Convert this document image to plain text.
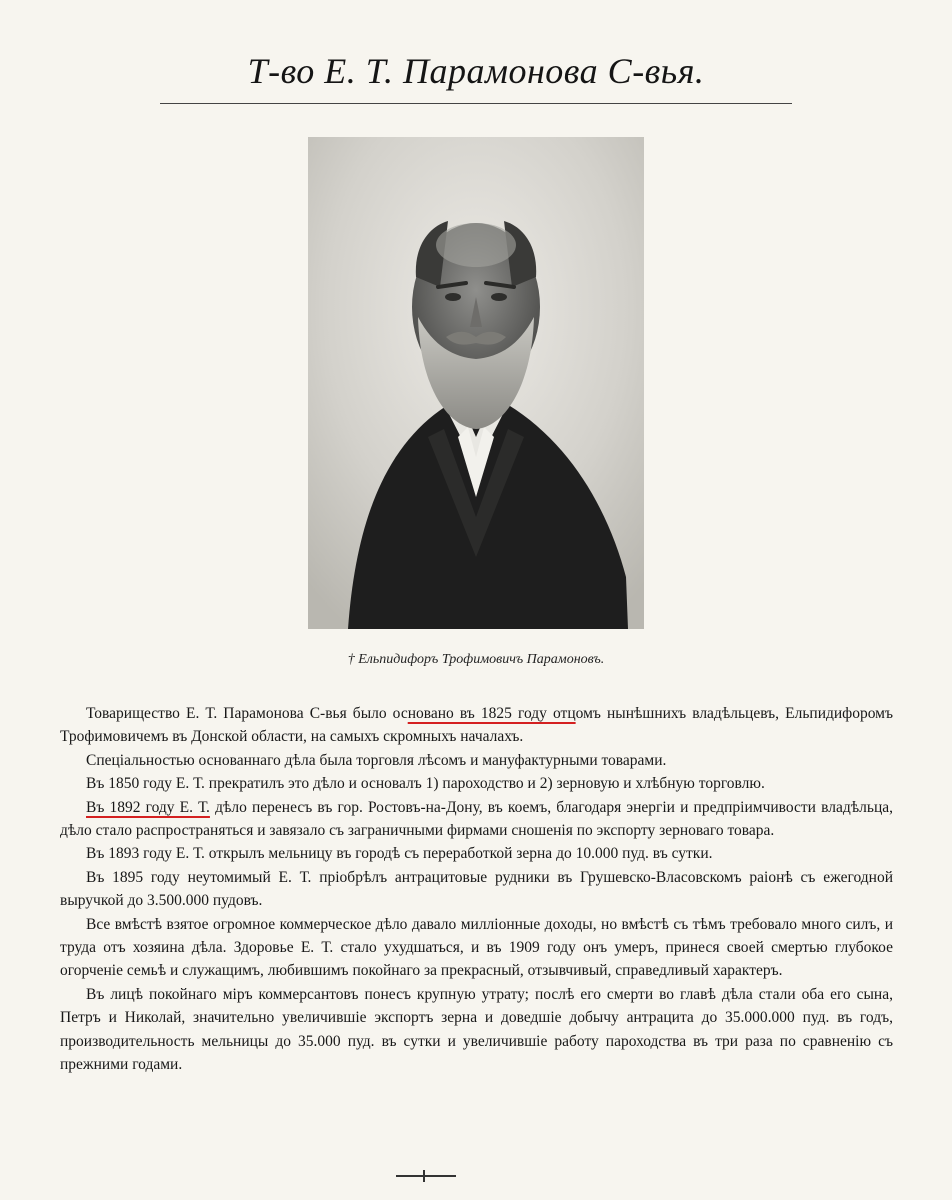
Т-во Е. Т. Парамонова С-вья.
† Ельпидифоръ Трофимовичъ Парамоновъ.

Товарищество Е. Т. Парамонова С-вья было основано въ 1825 году отцомъ нынѣшнихъ владѣльцевъ, Ельпидифоромъ Трофимовичемъ въ Донской области, на самыхъ скромныхъ началахъ.

Спеціальностью основаннаго дѣла была торговля лѣсомъ и мануфактурными товарами.

Въ 1850 году Е. Т. прекратилъ это дѣло и основалъ 1) пароходство и 2) зерновую и хлѣбную торговлю.

Въ 1892 году Е. Т. дѣло перенесъ въ гор. Ростовъ-на-Дону, въ коемъ, благодаря энергіи и предпріимчивости владѣльца, дѣло стало распространяться и завязало съ заграничными фирмами сношенія по экспорту зерноваго товара.

Въ 1893 году Е. Т. открылъ мельницу въ городѣ съ переработкой зерна до 10.000 пуд. въ сутки.

Въ 1895 году неутомимый Е. Т. пріобрѣлъ антрацитовые рудники въ Грушевско-Власовскомъ раіонѣ съ ежегодной выручкой до 3.500.000 пудовъ.

Все вмѣстѣ взятое огромное коммерческое дѣло давало милліонные доходы, но вмѣстѣ съ тѣмъ требовало много силъ, и труда отъ хозяина дѣла. Здоровье Е. Т. стало ухудшаться, и въ 1909 году онъ умеръ, принеся своей смертью глубокое огорченіе семьѣ и служащимъ, любившимъ покойнаго за прекрасный, отзывчивый, справедливый характеръ.

Въ лицѣ покойнаго міръ коммерсантовъ понесъ крупную утрату; послѣ его смерти во главѣ дѣла стали оба его сына, Петръ и Николай, значительно увеличившіе экспортъ зерна и доведшіе добычу антрацита до 35.000.000 пуд. въ годъ, производительность мельницы до 35.000 пуд. въ сутки и увеличившіе работу пароходства въ три раза по сравненію съ прежними годами.
